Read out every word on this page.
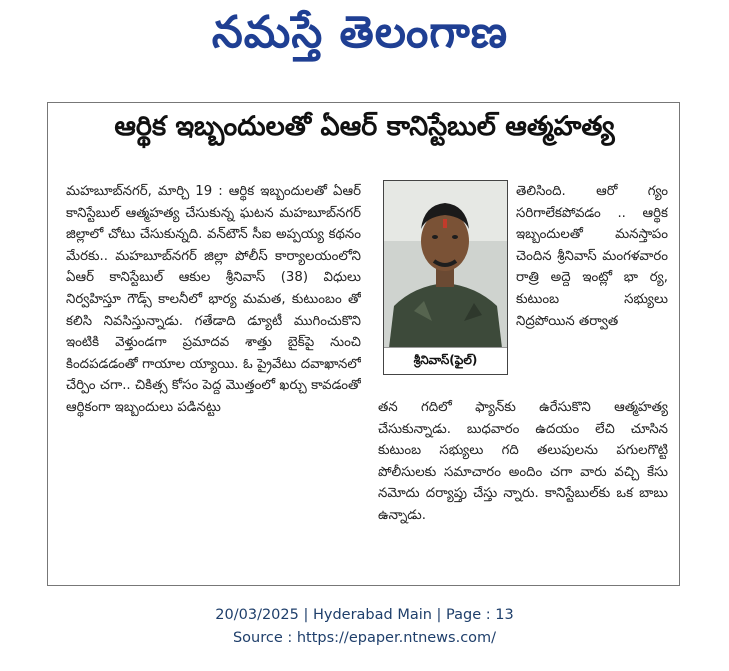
నమస్తే తెలంగాణ
ఆర్థిక ఇబ్బందులతో ఏఆర్‌ కానిస్టేబుల్‌ ఆత్మహత్య
మహబూబ్‌నగర్‌, మార్చి 19 : ఆర్థిక ఇబ్బందులతో ఏఆర్‌ కానిస్టేబుల్‌ ఆత్మహత్య చేసుకున్న ఘటన మహబూబ్‌నగర్‌ జిల్లాలో చోటు చేసుకున్నది. వన్‌టౌన్‌ సీఐ అప్పయ్య కథనం మేరకు.. మహబూబ్‌నగర్‌ జిల్లా పోలీస్‌ కార్యాలయంలోని ఏఆర్‌ కానిస్టేబుల్‌ ఆకుల శ్రీనివాస్‌ (38) విధులు నిర్వహిస్తూ గౌడ్స్‌ కాలనీలో భార్య మమత, కుటుంబం తో కలిసి నివసిస్తున్నాడు. గతేడాది డ్యూటీ ముగించుకొని ఇంటికి వెళ్తుండగా ప్రమాదవ శాత్తు బైక్‌పై నుంచి కిందపడడంతో గాయాల య్యాయి. ఓ ప్రైవేటు దవాఖానలో చేర్పిం చగా.. చికిత్స కోసం పెద్ద మొత్తంలో ఖర్చు కావడంతో ఆర్థికంగా ఇబ్బందులు పడినట్టు
శ్రీనివాస్‌(ఫైల్‌)
తెలిసింది. ఆరో గ్యం సరిగాలేకపోవడం .. ఆర్థిక ఇబ్బందులతో మనస్తాపం చెందిన శ్రీనివాస్‌ మంగళవారం రాత్రి అద్దె ఇంట్లో భా ర్య, కుటుంబ సభ్యులు నిద్రపోయిన తర్వాత
తన గదిలో ఫ్యాన్‌కు ఉరేసుకొని ఆత్మహత్య చేసుకున్నాడు. బుధవారం ఉదయం లేచి చూసిన కుటుంబ సభ్యులు గది తలుపులను పగులగొట్టి పోలీసులకు సమాచారం అందిం చగా వారు వచ్చి కేసు నమోదు దర్యాప్తు చేస్తు న్నారు. కానిస్టేబుల్‌కు ఒక బాబు ఉన్నాడు.
20/03/2025 | Hyderabad Main | Page : 13
Source : https://epaper.ntnews.com/
